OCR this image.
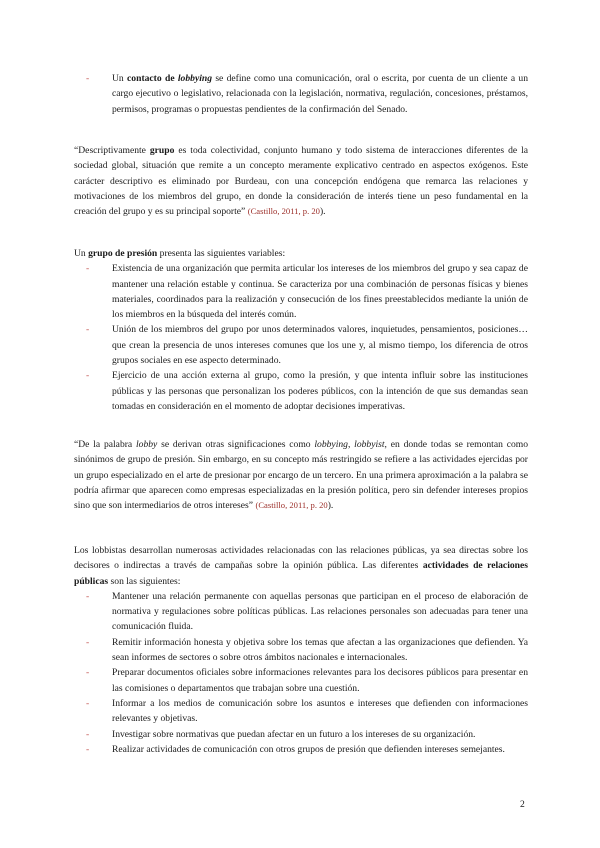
- Un contacto de lobbying se define como una comunicación, oral o escrita, por cuenta de un cliente a un cargo ejecutivo o legislativo, relacionada con la legislación, normativa, regulación, concesiones, préstamos, permisos, programas o propuestas pendientes de la confirmación del Senado.

“Descriptivamente grupo es toda colectividad, conjunto humano y todo sistema de interacciones diferentes de la sociedad global, situación que remite a un concepto meramente explicativo centrado en aspectos exógenos. Este carácter descriptivo es eliminado por Burdeau, con una concepción endógena que remarca las relaciones y motivaciones de los miembros del grupo, en donde la consideración de interés tiene un peso fundamental en la creación del grupo y es su principal soporte” (Castillo, 2011, p. 20).

Un grupo de presión presenta las siguientes variables:

- Existencia de una organización que permita articular los intereses de los miembros del grupo y sea capaz de mantener una relación estable y continua. Se caracteriza por una combinación de personas físicas y bienes materiales, coordinados para la realización y consecución de los fines preestablecidos mediante la unión de los miembros en la búsqueda del interés común.
- Unión de los miembros del grupo por unos determinados valores, inquietudes, pensamientos, posiciones… que crean la presencia de unos intereses comunes que los une y, al mismo tiempo, los diferencia de otros grupos sociales en ese aspecto determinado.
- Ejercicio de una acción externa al grupo, como la presión, y que intenta influir sobre las instituciones públicas y las personas que personalizan los poderes públicos, con la intención de que sus demandas sean tomadas en consideración en el momento de adoptar decisiones imperativas.

“De la palabra lobby se derivan otras significaciones como lobbying, lobbyist, en donde todas se remontan como sinónimos de grupo de presión. Sin embargo, en su concepto más restringido se refiere a las actividades ejercidas por un grupo especializado en el arte de presionar por encargo de un tercero. En una primera aproximación a la palabra se podría afirmar que aparecen como empresas especializadas en la presión política, pero sin defender intereses propios sino que son intermediarios de otros intereses” (Castillo, 2011, p. 20).

Los lobbistas desarrollan numerosas actividades relacionadas con las relaciones públicas, ya sea directas sobre los decisores o indirectas a través de campañas sobre la opinión pública. Las diferentes actividades de relaciones públicas son las siguientes:

- Mantener una relación permanente con aquellas personas que participan en el proceso de elaboración de normativa y regulaciones sobre políticas públicas. Las relaciones personales son adecuadas para tener una comunicación fluida.
- Remitir información honesta y objetiva sobre los temas que afectan a las organizaciones que defienden. Ya sean informes de sectores o sobre otros ámbitos nacionales e internacionales.
- Preparar documentos oficiales sobre informaciones relevantes para los decisores públicos para presentar en las comisiones o departamentos que trabajan sobre una cuestión.
- Informar a los medios de comunicación sobre los asuntos e intereses que defienden con informaciones relevantes y objetivas.
- Investigar sobre normativas que puedan afectar en un futuro a los intereses de su organización.
- Realizar actividades de comunicación con otros grupos de presión que defienden intereses semejantes.
2
